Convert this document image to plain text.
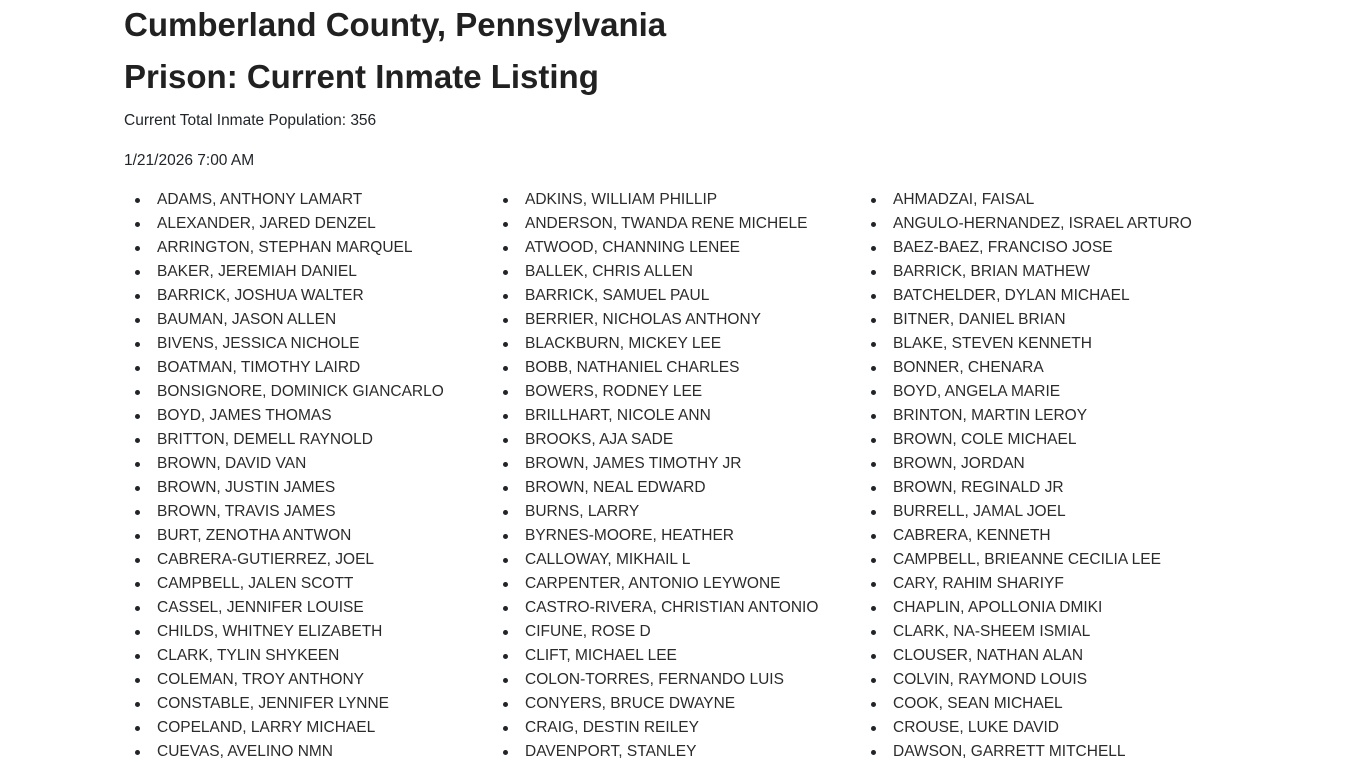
Cumberland County, Pennsylvania
Prison: Current Inmate Listing

Current Total Inmate Population: 356

1/21/2026 7:00 AM

ADAMS, ANTHONY LAMART
ALEXANDER, JARED DENZEL
ARRINGTON, STEPHAN MARQUEL
BAKER, JEREMIAH DANIEL
BARRICK, JOSHUA WALTER
BAUMAN, JASON ALLEN
BIVENS, JESSICA NICHOLE
BOATMAN, TIMOTHY LAIRD
BONSIGNORE, DOMINICK GIANCARLO
BOYD, JAMES THOMAS
BRITTON, DEMELL RAYNOLD
BROWN, DAVID VAN
BROWN, JUSTIN JAMES
BROWN, TRAVIS JAMES
BURT, ZENOTHA ANTWON
CABRERA-GUTIERREZ, JOEL
CAMPBELL, JALEN SCOTT
CASSEL, JENNIFER LOUISE
CHILDS, WHITNEY ELIZABETH
CLARK, TYLIN SHYKEEN
COLEMAN, TROY ANTHONY
CONSTABLE, JENNIFER LYNNE
COPELAND, LARRY MICHAEL
CUEVAS, AVELINO NMN
ADKINS, WILLIAM PHILLIP
ANDERSON, TWANDA RENE MICHELE
ATWOOD, CHANNING LENEE
BALLEK, CHRIS ALLEN
BARRICK, SAMUEL PAUL
BERRIER, NICHOLAS ANTHONY
BLACKBURN, MICKEY LEE
BOBB, NATHANIEL CHARLES
BOWERS, RODNEY LEE
BRILLHART, NICOLE ANN
BROOKS, AJA SADE
BROWN, JAMES TIMOTHY JR
BROWN, NEAL EDWARD
BURNS, LARRY
BYRNES-MOORE, HEATHER
CALLOWAY, MIKHAIL L
CARPENTER, ANTONIO LEYWONE
CASTRO-RIVERA, CHRISTIAN ANTONIO
CIFUNE, ROSE D
CLIFT, MICHAEL LEE
COLON-TORRES, FERNANDO LUIS
CONYERS, BRUCE DWAYNE
CRAIG, DESTIN REILEY
DAVENPORT, STANLEY
AHMADZAI, FAISAL
ANGULO-HERNANDEZ, ISRAEL ARTURO
BAEZ-BAEZ, FRANCISO JOSE
BARRICK, BRIAN MATHEW
BATCHELDER, DYLAN MICHAEL
BITNER, DANIEL BRIAN
BLAKE, STEVEN KENNETH
BONNER, CHENARA
BOYD, ANGELA MARIE
BRINTON, MARTIN LEROY
BROWN, COLE MICHAEL
BROWN, JORDAN
BROWN, REGINALD JR
BURRELL, JAMAL JOEL
CABRERA, KENNETH
CAMPBELL, BRIEANNE CECILIA LEE
CARY, RAHIM SHARIYF
CHAPLIN, APOLLONIA DMIKI
CLARK, NA-SHEEM ISMIAL
CLOUSER, NATHAN ALAN
COLVIN, RAYMOND LOUIS
COOK, SEAN MICHAEL
CROUSE, LUKE DAVID
DAWSON, GARRETT MITCHELL
